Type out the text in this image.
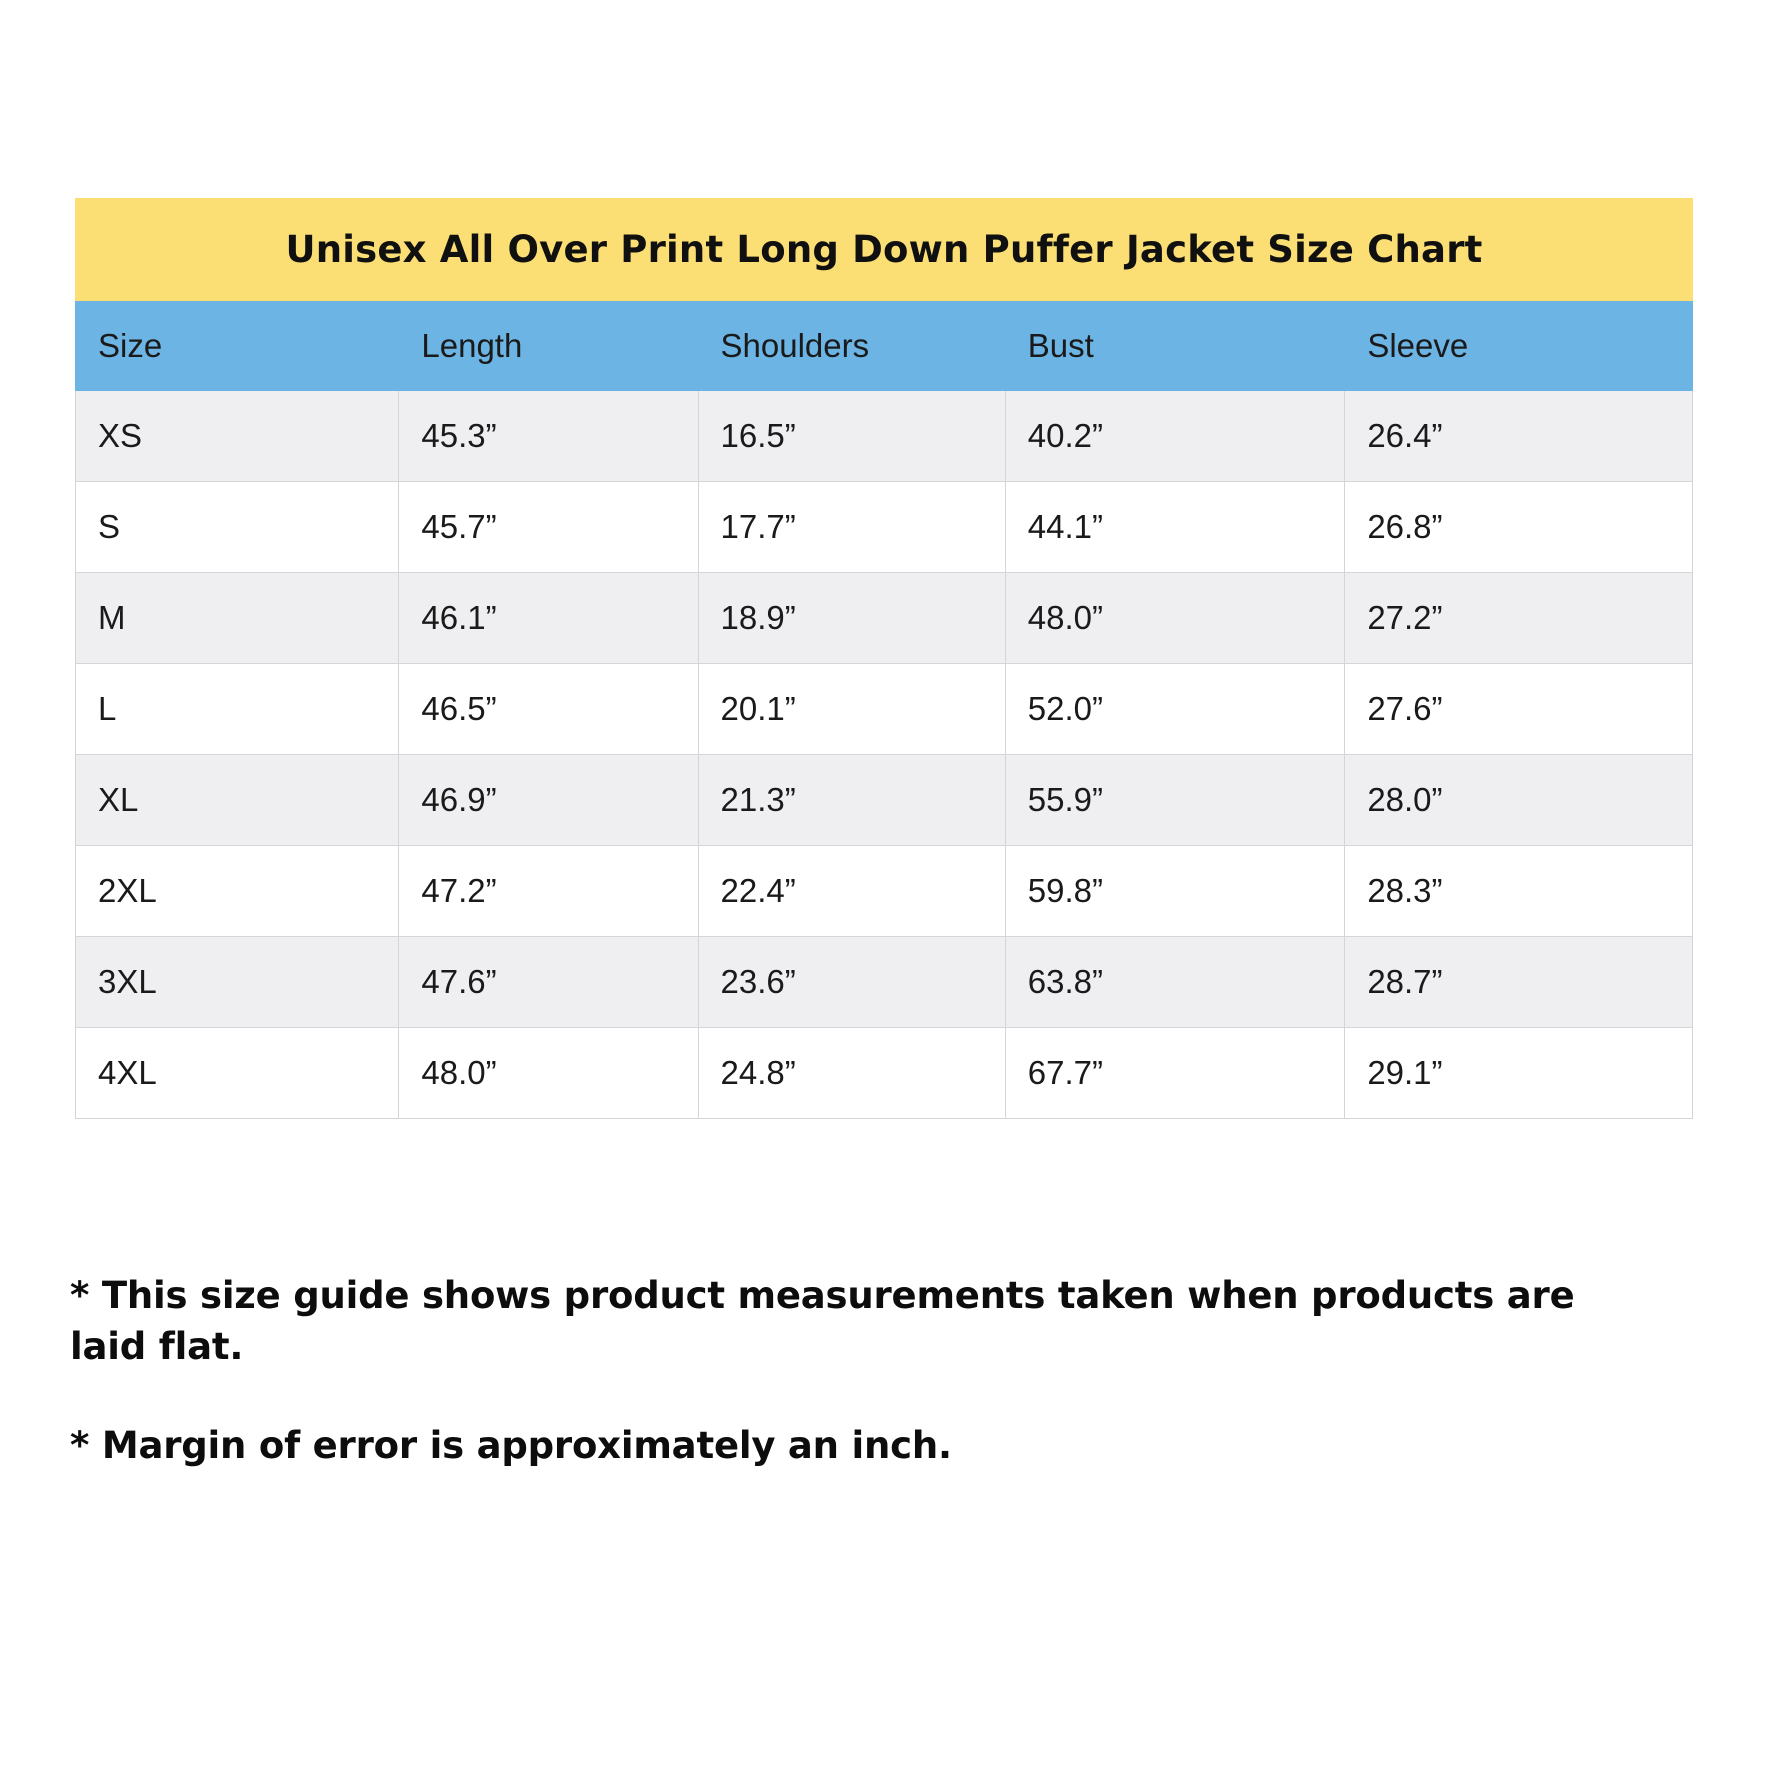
Unisex All Over Print Long Down Puffer Jacket Size Chart
Size	Length	Shoulders	Bust	Sleeve
XS	45.3”	16.5”	40.2”	26.4”
S	45.7”	17.7”	44.1”	26.8”
M	46.1”	18.9”	48.0”	27.2”
L	46.5”	20.1”	52.0”	27.6”
XL	46.9”	21.3”	55.9”	28.0”
2XL	47.2”	22.4”	59.8”	28.3”
3XL	47.6”	23.6”	63.8”	28.7”
4XL	48.0”	24.8”	67.7”	29.1”
* This size guide shows product measurements taken when products are laid flat.
* Margin of error is approximately an inch.
